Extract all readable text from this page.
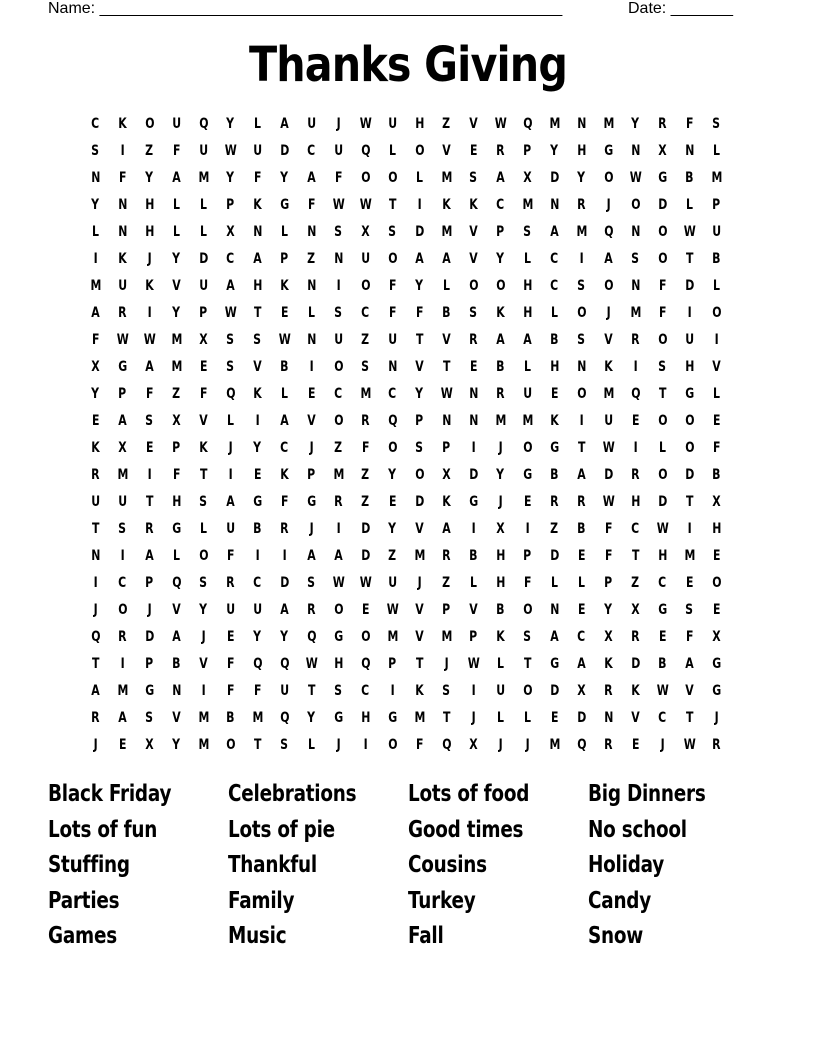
Name: ____________________________________________________	Date: _______
Thanks Giving
C K O U Q Y L A U J W U H Z V W Q M N M Y R F S
S I Z F U W U D C U Q L O V E R P Y H G N X N L
N F Y A M Y F Y A F O O L M S A X D Y O W G B M
Y N H L L P K G F W W T I K K C M N R J O D L P
L N H L L X N L N S X S D M V P S A M Q N O W U
I K J Y D C A P Z N U O A A V Y L C I A S O T B
M U K V U A H K N I O F Y L O O H C S O N F D L
A R I Y P W T E L S C F F B S K H L O J M F I O
F W W M X S S W N U Z U T V R A A B S V R O U I
X G A M E S V B I O S N V T E B L H N K I S H V
Y P F Z F Q K L E C M C Y W N R U E O M Q T G L
E A S X V L I A V O R Q P N N M M K I U E O O E
K X E P K J Y C J Z F O S P I J O G T W I L O F
R M I F T I E K P M Z Y O X D Y G B A D R O D B
U U T H S A G F G R Z E D K G J E R R W H D T X
T S R G L U B R J I D Y V A I X I Z B F C W I H
N I A L O F I I A A D Z M R B H P D E F T H M E
I C P Q S R C D S W W U J Z L H F L L P Z C E O
J O J V Y U U A R O E W V P V B O N E Y X G S E
Q R D A J E Y Y Q G O M V M P K S A C X R E F X
T I P B V F Q Q W H Q P T J W L T G A K D B A G
A M G N I F F U T S C I K S I U O D X R K W V G
R A S V M B M Q Y G H G M T J L L E D N V C T J
J E X Y M O T S L J I O F Q X J J M Q R E J W R
Black Friday	Celebrations	Lots of food	Big Dinners
Lots of fun	Lots of pie	Good times	No school
Stuffing	Thankful	Cousins	Holiday
Parties	Family	Turkey	Candy
Games	Music	Fall	Snow
